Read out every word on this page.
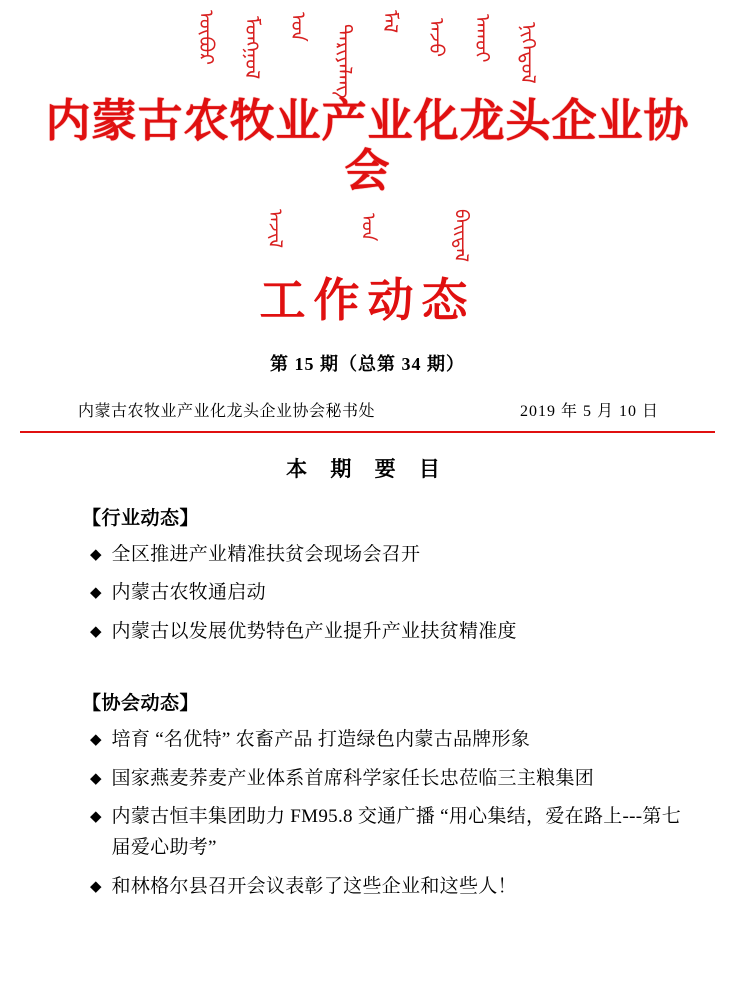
ᠦᠪᠦᠷ ᠮᠣᠩᠭᠣᠯ ᠤᠨ ᠲᠠᠷᠢᠶᠠᠯᠠᠩ
ᠮᠠᠯ ᠠᠵᠤ ᠠᠬᠤᠢ ᠨᠢᠭᠡᠳᠦᠯ
内蒙古农牧业产业化龙头企业协会
ᠠᠵᠢᠯ	ᠤᠨ	ᠪᠠᠢᠳᠠᠯ
工作动态
第 15 期（总第 34 期）
内蒙古农牧业产业化龙头企业协会秘书处	2019 年 5 月 10 日
本 期 要 目
【行业动态】
◆ 全区推进产业精准扶贫会现场会召开
◆ 内蒙古农牧通启动
◆ 内蒙古以发展优势特色产业提升产业扶贫精准度
【协会动态】
◆ 培育 “名优特” 农畜产品 打造绿色内蒙古品牌形象
◆ 国家燕麦荞麦产业体系首席科学家任长忠莅临三主粮集团
◆ 内蒙古恒丰集团助力 FM95.8 交通广播 “用心集结，爱在路上---第七届爱心助考”
◆ 和林格尔县召开会议表彰了这些企业和这些人！
